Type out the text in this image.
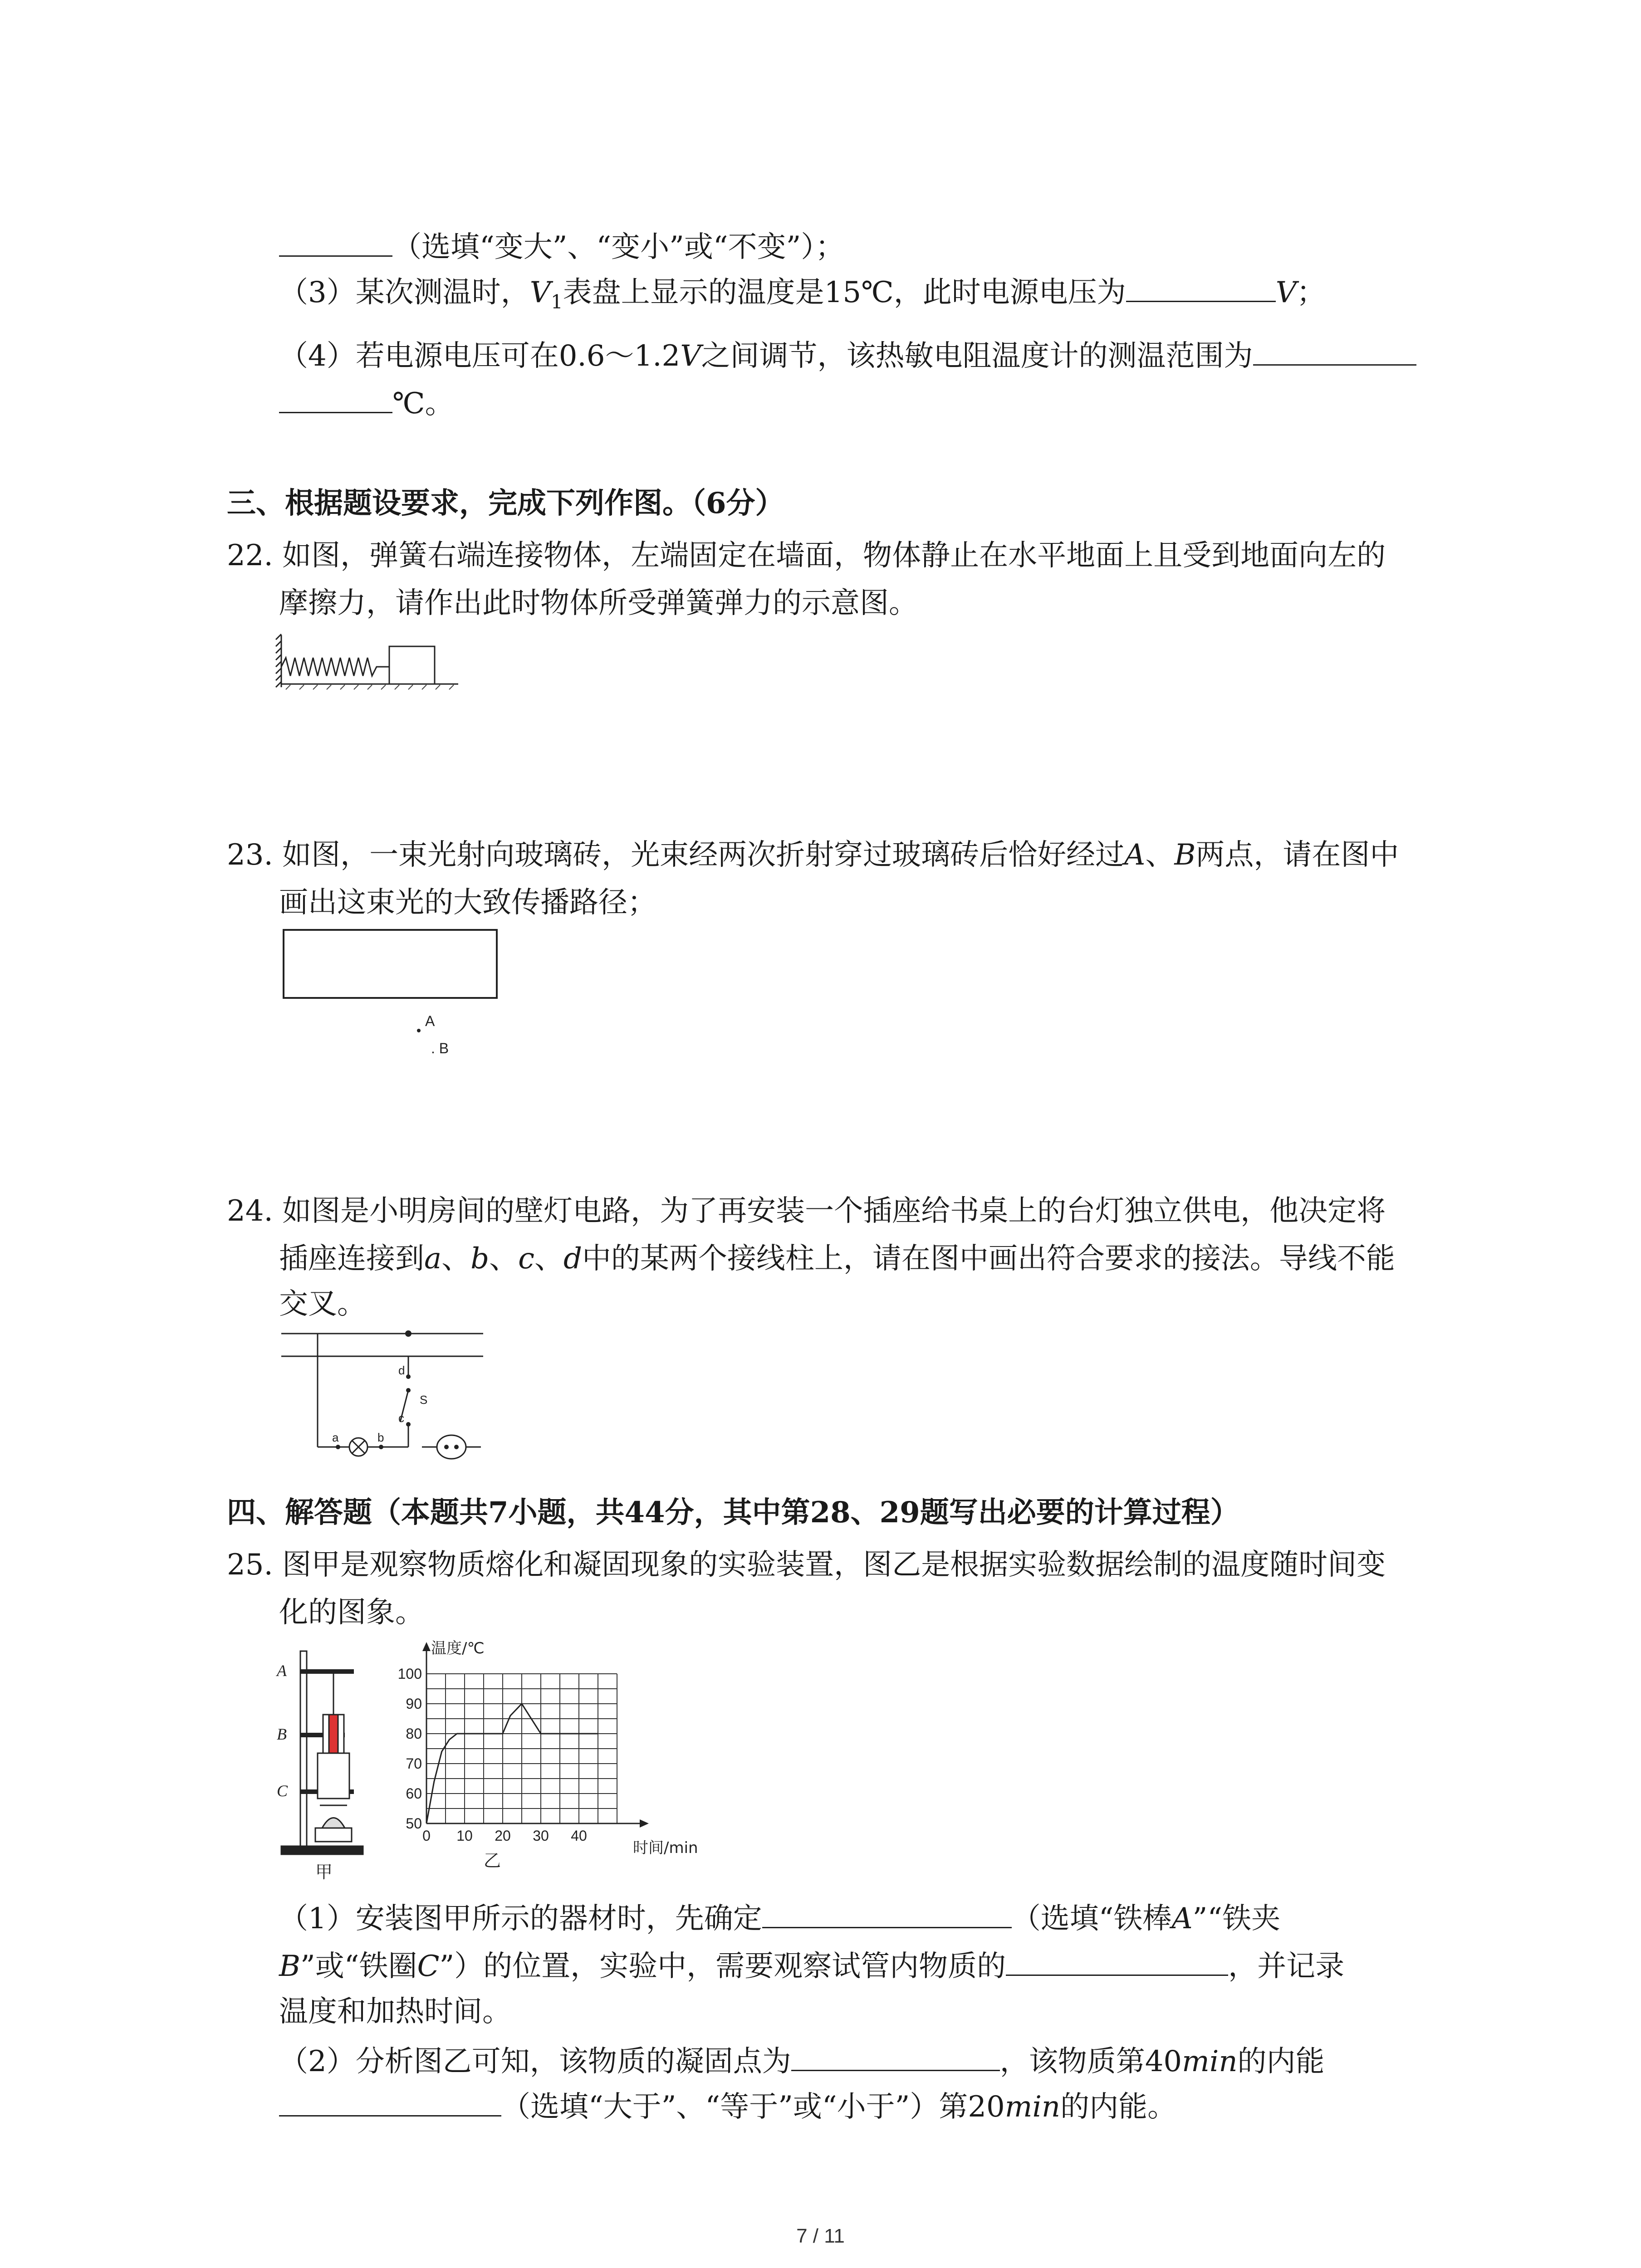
（选填“变大”、“变小”或“不变”）；
（3）某次测温时，$V_1$表盘上显示的温度是15℃，此时电源电压为	V；
（4）若电源电压可在0.6～1.2V之间调节，该热敏电阻温度计的测温范围为
℃。
三、根据题设要求，完成下列作图。（6分）
22. 如图，弹簧右端连接物体，左端固定在墙面，物体静止在水平地面上且受到地面向左的
摩擦力，请作出此时物体所受弹簧弹力的示意图。
23. 如图，一束光射向玻璃砖，光束经两次折射穿过玻璃砖后恰好经过A、B两点，请在图中
画出这束光的大致传播路径；
A
. B
24. 如图是小明房间的壁灯电路，为了再安装一个插座给书桌上的台灯独立供电，他决定将
插座连接到a、b、c、d中的某两个接线柱上，请在图中画出符合要求的接法。导线不能
交叉。
d
S
c
a	b
四、解答题（本题共7小题，共44分，其中第28、29题写出必要的计算过程）
25. 图甲是观察物质熔化和凝固现象的实验装置，图乙是根据实验数据绘制的温度随时间变
化的图象。
A
B
C
甲
0 10 20 30 40
50
60
70
80
90
100
温度/℃
时间/min
乙
（1）安装图甲所示的器材时，先确定	（选填“铁棒A”“铁夹
B”或“铁圈C”）的位置，实验中，需要观察试管内物质的	，并记录
温度和加热时间。
（2）分析图乙可知，该物质的凝固点为	，该物质第40min的内能
（选填“大于”、“等于”或“小于”）第20min的内能。
7 / 11
